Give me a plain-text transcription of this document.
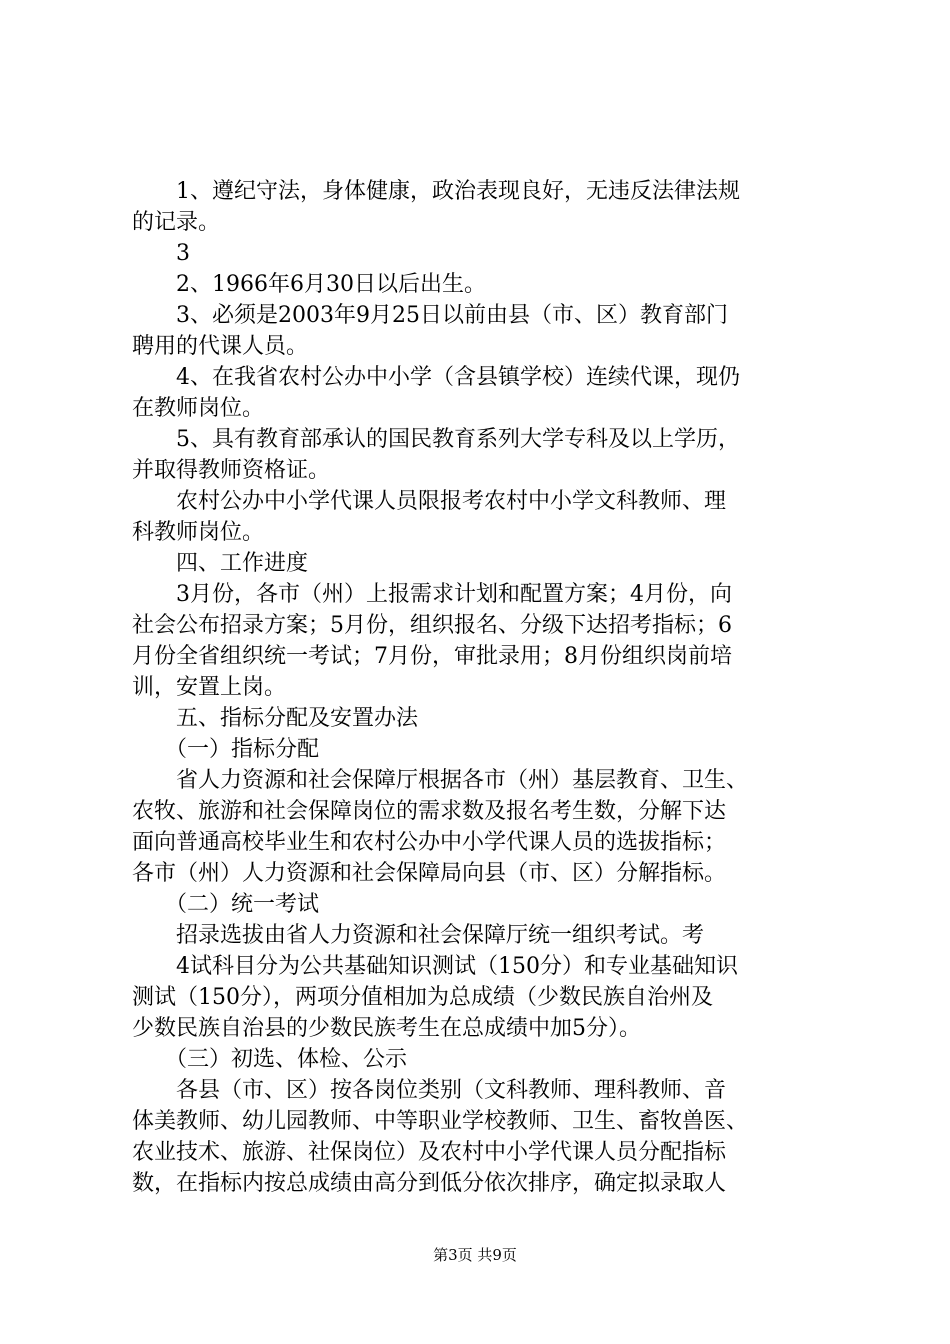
　　1、遵纪守法，身体健康，政治表现良好，无违反法律法规
的记录。
　　3
　　2、1966年6月30日以后出生。
　　3、必须是2003年9月25日以前由县（市、区）教育部门
聘用的代课人员。
　　4、在我省农村公办中小学（含县镇学校）连续代课，现仍
在教师岗位。
　　5、具有教育部承认的国民教育系列大学专科及以上学历，
并取得教师资格证。
　　农村公办中小学代课人员限报考农村中小学文科教师、理
科教师岗位。
　　四、工作进度
　　3月份，各市（州）上报需求计划和配置方案；4月份，向
社会公布招录方案；5月份，组织报名、分级下达招考指标；6
月份全省组织统一考试；7月份，审批录用；8月份组织岗前培
训，安置上岗。
　　五、指标分配及安置办法
　　（一）指标分配
　　省人力资源和社会保障厅根据各市（州）基层教育、卫生、
农牧、旅游和社会保障岗位的需求数及报名考生数，分解下达
面向普通高校毕业生和农村公办中小学代课人员的选拔指标；
各市（州）人力资源和社会保障局向县（市、区）分解指标。
　　（二）统一考试
　　招录选拔由省人力资源和社会保障厅统一组织考试。考
　　4试科目分为公共基础知识测试（150分）和专业基础知识
测试（150分），两项分值相加为总成绩（少数民族自治州及
少数民族自治县的少数民族考生在总成绩中加5分）。
　　（三）初选、体检、公示
　　各县（市、区）按各岗位类别（文科教师、理科教师、音
体美教师、幼儿园教师、中等职业学校教师、卫生、畜牧兽医、
农业技术、旅游、社保岗位）及农村中小学代课人员分配指标
数，在指标内按总成绩由高分到低分依次排序，确定拟录取人
第3页 共9页
